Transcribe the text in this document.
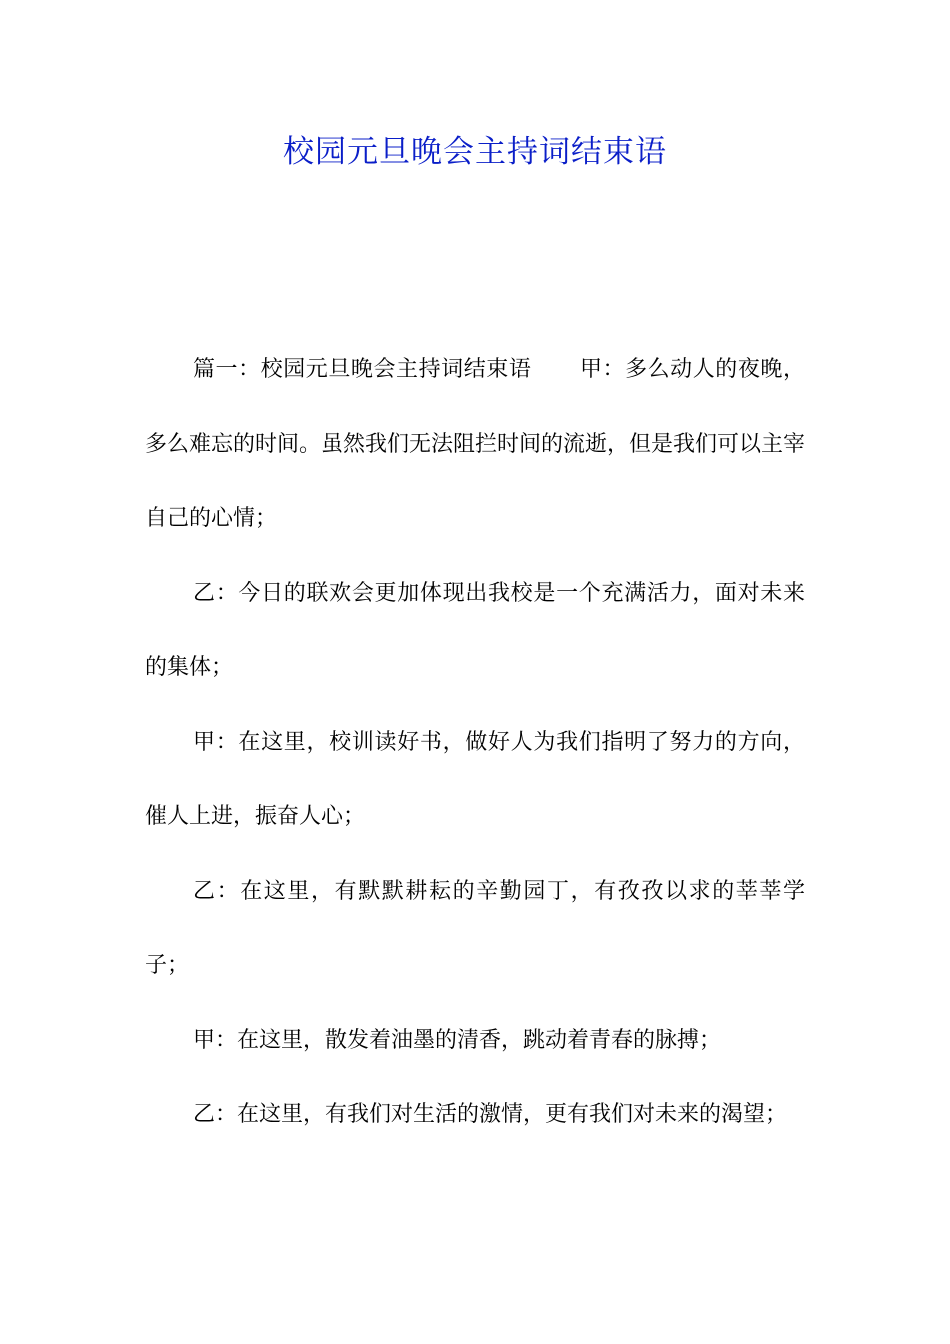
校园元旦晚会主持词结束语

篇一：校园元旦晚会主持词结束语 甲：多么动人的夜晚，多么难忘的时间。虽然我们无法阻拦时间的流逝，但是我们可以主宰自己的心情；

乙：今日的联欢会更加体现出我校是一个充满活力，面对未来的集体；

甲：在这里，校训读好书，做好人为我们指明了努力的方向，催人上进，振奋人心；

乙：在这里，有默默耕耘的辛勤园丁，有孜孜以求的莘莘学子；

甲：在这里，散发着油墨的清香，跳动着青春的脉搏；

乙：在这里，有我们对生活的激情，更有我们对未来的渴望；
